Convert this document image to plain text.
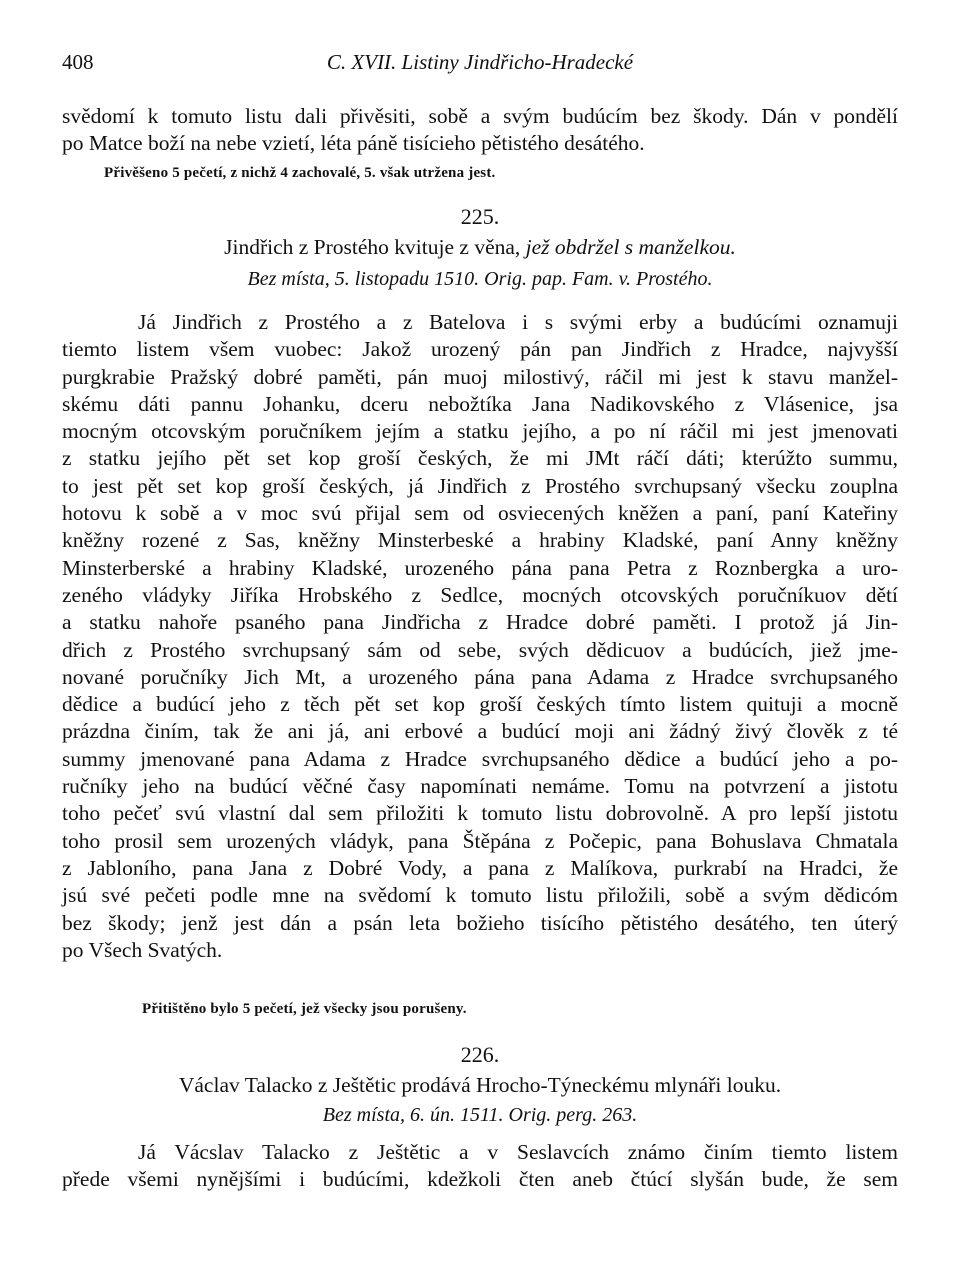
408	C. XVII. Listiny Jindřicho-Hradecké
svědomí k tomuto listu dali přivěsiti, sobě a svým budúcím bez škody. Dán v pondělí
po Matce boží na nebe vzietí, léta páně tisícieho pětistého desátého.
Přivěšeno 5 pečetí, z nichž 4 zachovalé, 5. však utržena jest.
225.
Jindřich z Prostého kvituje z věna, jež obdržel s manželkou.
Bez místa, 5. listopadu 1510. Orig. pap. Fam. v. Prostého.
Já Jindřich z Prostého a z Batelova i s svými erby a budúcími oznamuji
tiemto listem všem vuobec: Jakož urozený pán pan Jindřich z Hradce, najvyšší
purgkrabie Pražský dobré paměti, pán muoj milostivý, ráčil mi jest k stavu manžel-
skému dáti pannu Johanku, dceru nebožtíka Jana Nadikovského z Vlásenice, jsa
mocným otcovským poručníkem jejím a statku jejího, a po ní ráčil mi jest jmenovati
z statku jejího pět set kop groší českých, že mi JMt ráčí dáti; kterúžto summu,
to jest pět set kop groší českých, já Jindřich z Prostého svrchupsaný všecku zouplna
hotovu k sobě a v moc svú přijal sem od osviecených kněžen a paní, paní Kateřiny
kněžny rozené z Sas, kněžny Minsterbeské a hrabiny Kladské, paní Anny kněžny
Minsterberské a hrabiny Kladské, urozeného pána pana Petra z Roznbergka a uro-
zeného vládyky Jiříka Hrobského z Sedlce, mocných otcovských poručníkuov dětí
a statku nahoře psaného pana Jindřicha z Hradce dobré paměti. I protož já Jin-
dřich z Prostého svrchupsaný sám od sebe, svých dědicuov a budúcích, jiež jme-
nované poručníky Jich Mt, a urozeného pána pana Adama z Hradce svrchupsaného
dědice a budúcí jeho z těch pět set kop groší českých tímto listem quituji a mocně
prázdna činím, tak že ani já, ani erbové a budúcí moji ani žádný živý člověk z té
summy jmenované pana Adama z Hradce svrchupsaného dědice a budúcí jeho a po-
ručníky jeho na budúcí věčné časy napomínati nemáme. Tomu na potvrzení a jistotu
toho pečeť svú vlastní dal sem přiložiti k tomuto listu dobrovolně. A pro lepší jistotu
toho prosil sem urozených vládyk, pana Štěpána z Počepic, pana Bohuslava Chmatala
z Jabloního, pana Jana z Dobré Vody, a pana z Malíkova, purkrabí na Hradci, že
jsú své pečeti podle mne na svědomí k tomuto listu přiložili, sobě a svým dědicóm
bez škody; jenž jest dán a psán leta božieho tisícího pětistého desátého, ten úterý
po Všech Svatých.
Přitištěno bylo 5 pečetí, jež všecky jsou porušeny.
226.
Václav Talacko z Ještětic prodává Hrocho-Týneckému mlynáři louku.
Bez místa, 6. ún. 1511. Orig. perg. 263.
Já Vácslav Talacko z Ještětic a v Seslavcích známo činím tiemto listem
přede všemi nynějšími i budúcími, kdežkoli čten aneb čtúcí slyšán bude, že sem
